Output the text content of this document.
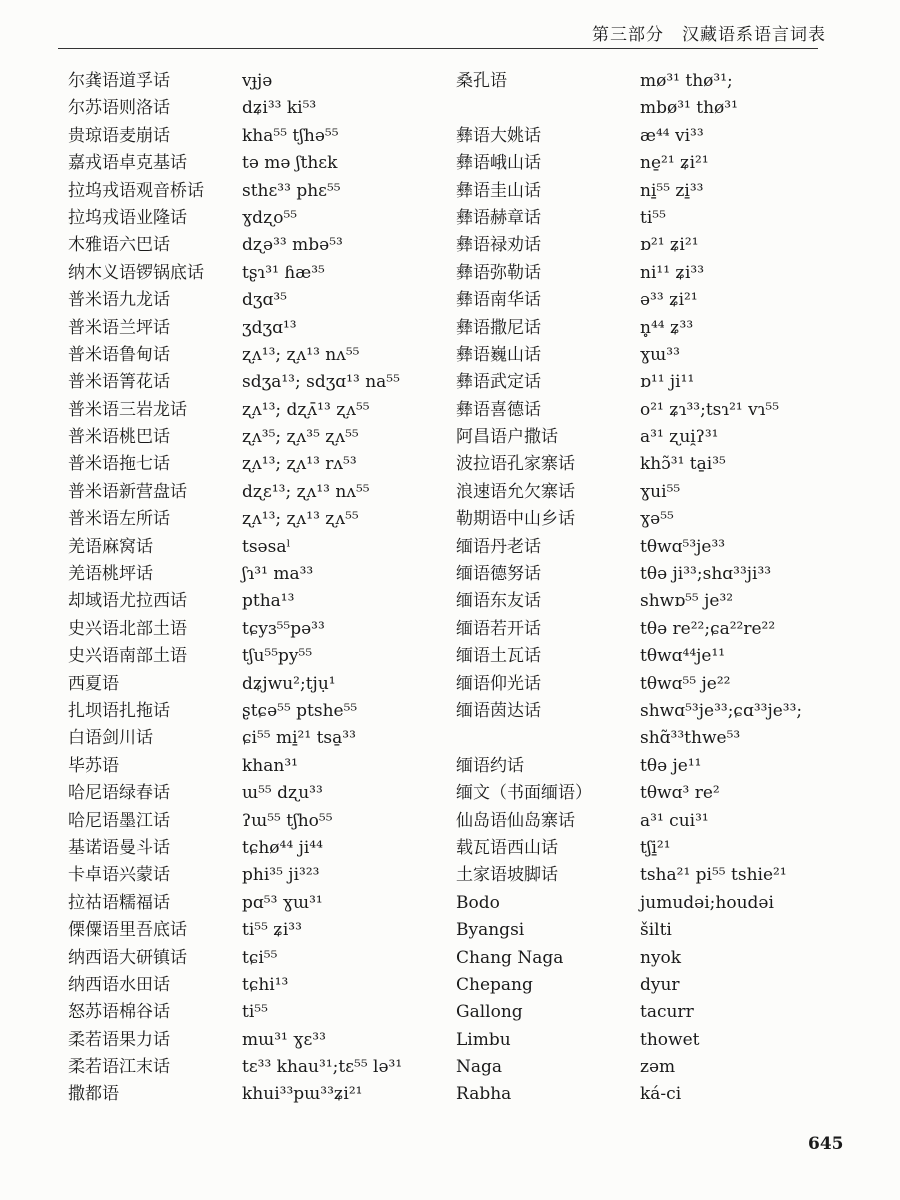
第三部分　汉藏语系语言词表
尔龚语道孚话
尔苏语则洛话
贵琼语麦崩话
嘉戎语卓克基话
拉坞戎语观音桥话
拉坞戎语业隆话
木雅语六巴话
纳木义语锣锅底话
普米语九龙话
普米语兰坪话
普米语鲁甸话
普米语箐花话
普米语三岩龙话
普米语桃巴话
普米语拖七话
普米语新营盘话
普米语左所话
羌语麻窝话
羌语桃坪话
却域语尤拉西话
史兴语北部土语
史兴语南部土语
西夏语
扎坝语扎拖话
白语剑川话
毕苏语
哈尼语绿春话
哈尼语墨江话
基诺语曼斗话
卡卓语兴蒙话
拉祜语糯福话
傈僳语里吾底话
纳西语大研镇话
纳西语水田话
怒苏语棉谷话
柔若语果力话
柔若语江末话
撒都语
vɟjə
dʑi³³ ki⁵³
kha⁵⁵ tʃhə⁵⁵
tə mə ʃthɛk
sthɛ³³ phɛ⁵⁵
ɣdʐo⁵⁵
dʐə³³ mbə⁵³
tʂɿ³¹ ɦæ³⁵
dʒɑ³⁵
ʒdʒɑ¹³
ʐʌ¹³; ʐʌ¹³ nʌ⁵⁵
sdʒa¹³; sdʒɑ¹³ na⁵⁵
ʐʌ¹³; dʐʌ̄¹³ ʐʌ⁵⁵
ʐʌ³⁵; ʐʌ³⁵ ʐʌ⁵⁵
ʐʌ¹³; ʐʌ¹³ rʌ⁵³
dʐɛ¹³; ʐʌ¹³ nʌ⁵⁵
ʐʌ¹³; ʐʌ¹³ ʐʌ⁵⁵
tsəsaˡ
ʃɿ³¹ ma³³
ptha¹³
tɕyɜ⁵⁵pə³³
tʃu⁵⁵py⁵⁵
dʑjwu²;tjụ¹
ʂtɕə⁵⁵ ptshe⁵⁵
ɕi⁵⁵ mi̱²¹ tsa̱³³
khan³¹
ɯ⁵⁵ dʐu³³
ʔɯ⁵⁵ tʃho⁵⁵
tɕhø⁴⁴ ji⁴⁴
phi³⁵ ji³²³
pɑ⁵³ ɣɯ³¹
ti⁵⁵ ʑi³³
tɕi⁵⁵
tɕhi¹³
ti⁵⁵
mɯ³¹ ɣɛ³³
tɛ³³ khau³¹;tɛ⁵⁵ lə³¹
khui³³pɯ³³ʑi²¹
桑孔语
彝语大姚话
彝语峨山话
彝语圭山话
彝语赫章话
彝语禄劝话
彝语弥勒话
彝语南华话
彝语撒尼话
彝语巍山话
彝语武定话
彝语喜德话
阿昌语户撒话
波拉语孔家寨话
浪速语允欠寨话
勒期语中山乡话
缅语丹老话
缅语德努话
缅语东友话
缅语若开话
缅语土瓦话
缅语仰光话
缅语茵达话
缅语约话
缅文（书面缅语）
仙岛语仙岛寨话
载瓦语西山话
土家语坡脚话
Bodo
Byangsi
Chang Naga
Chepang
Gallong
Limbu
Naga
Rabha
mø³¹ thø³¹;
mbø³¹ thø³¹
æ⁴⁴ vi³³
ne̱²¹ ʑi²¹
ni̱⁵⁵ zi̱³³
ti⁵⁵
ɒ²¹ ʑi²¹
ni¹¹ ʑi³³
ə³³ ʑi²¹
n̥⁴⁴ ʑ³³
ɣɯ³³
ɒ¹¹ ji¹¹
o²¹ ʑɿ³³;tsɿ²¹ vɿ⁵⁵
a³¹ ʐui̯ʔ³¹
khɔ̃³¹ ta̱i³⁵
ɣui⁵⁵
ɣə⁵⁵
tθwɑ⁵³je³³
tθə ji³³;shɑ³³ji³³
shwɒ⁵⁵ je³²
tθə re²²;ɕa²²re²²
tθwɑ⁴⁴je¹¹
tθwɑ⁵⁵ je²²
shwɑ⁵³je³³;ɕɑ³³je³³;
shɑ̃³³thwe⁵³
tθə je¹¹
tθwɑ³ re²
a³¹ cui³¹
tʃi̱²¹
tsha²¹ pi⁵⁵ tshie²¹
jumudəi;houdəi
šilti
nyok
dyur
tacurr
thowet
zəm
ká-ci
645
